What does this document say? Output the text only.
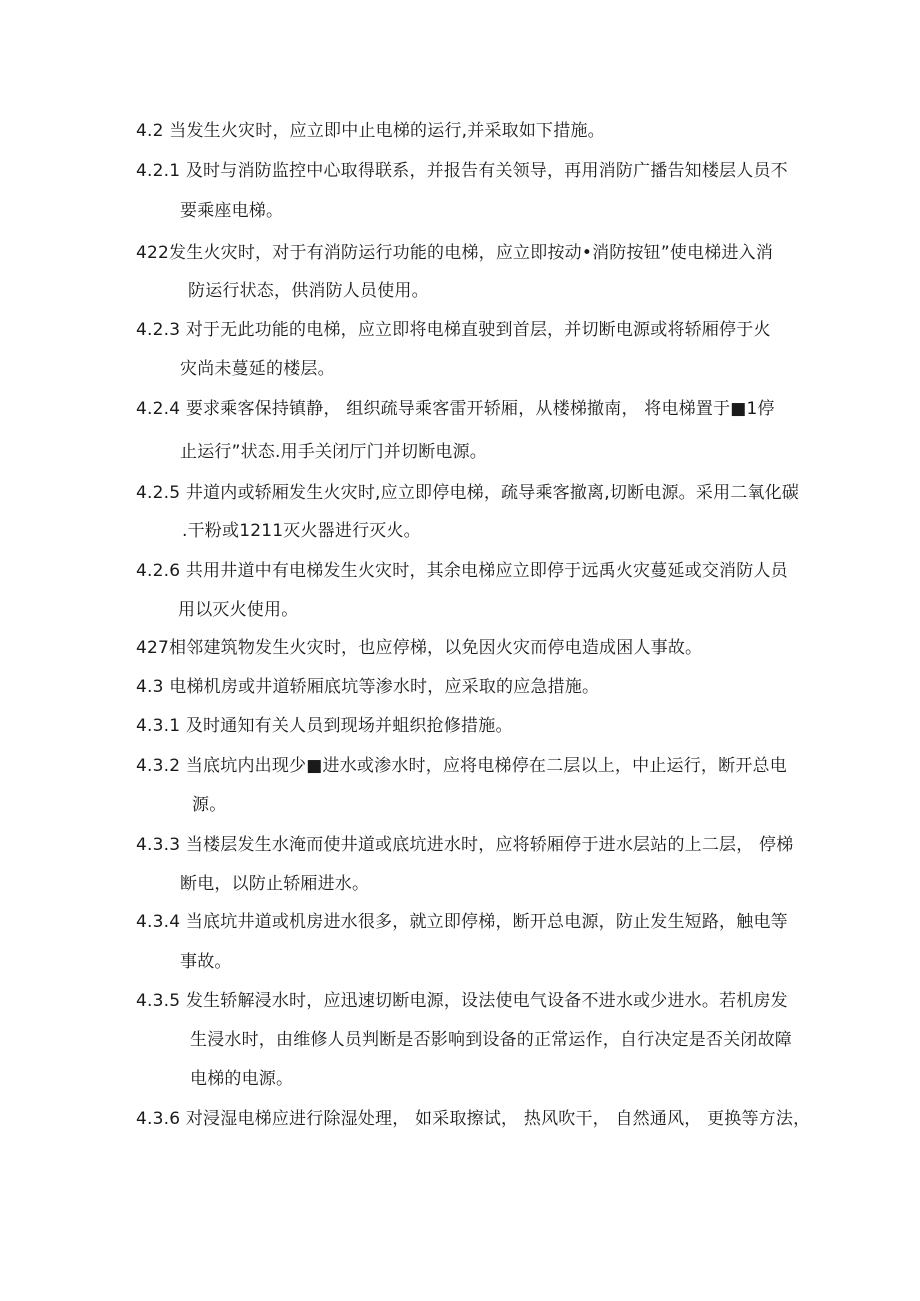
4.2 当发生火灾时，应立即中止电梯的运行,并采取如下措施。
4.2.1 及时与消防监控中心取得联系，并报告有关领导，再用消防广播告知楼层人员不
要乘座电梯。
422发生火灾时，对于有消防运行功能的电梯，应立即按动•消防按钮”使电梯进入消
防运行状态，供消防人员使用。
4.2.3 对于无此功能的电梯，应立即将电梯直驶到首层，并切断电源或将轿厢停于火
灾尚未蔓延的楼层。
4.2.4 要求乘客保持镇静， 组织疏导乘客雷开轿厢，从楼梯撤南， 将电梯置于■1停
止运行”状态.用手关闭厅门并切断电源。
4.2.5 井道内或轿厢发生火灾时,应立即停电梯，疏导乘客撤离,切断电源。采用二氧化碳
.干粉或1211灭火器进行灭火。
4.2.6 共用井道中有电梯发生火灾时，其余电梯应立即停于远禹火灾蔓延或交消防人员
用以灭火使用。
427相邻建筑物发生火灾时，也应停梯，以免因火灾而停电造成困人事故。
4.3 电梯机房或井道轿厢底坑等渗水时，应采取的应急措施。
4.3.1 及时通知有关人员到现场并蛆织抢修措施。
4.3.2 当底坑内出现少■进水或渗水时，应将电梯停在二层以上，中止运行，断开总电
源。
4.3.3 当楼层发生水淹而使井道或底坑进水时，应将轿厢停于进水层站的上二层， 停梯
断电，以防止轿厢进水。
4.3.4 当底坑井道或机房进水很多，就立即停梯，断开总电源，防止发生短路，触电等
事故。
4.3.5 发生轿解浸水时，应迅速切断电源，设法使电气设备不进水或少进水。若机房发
生浸水时，由维修人员判断是否影响到设备的正常运作，自行决定是否关闭故障
电梯的电源。
4.3.6 对浸湿电梯应进行除湿处理， 如采取擦试， 热风吹干， 自然通风， 更换等方法，
